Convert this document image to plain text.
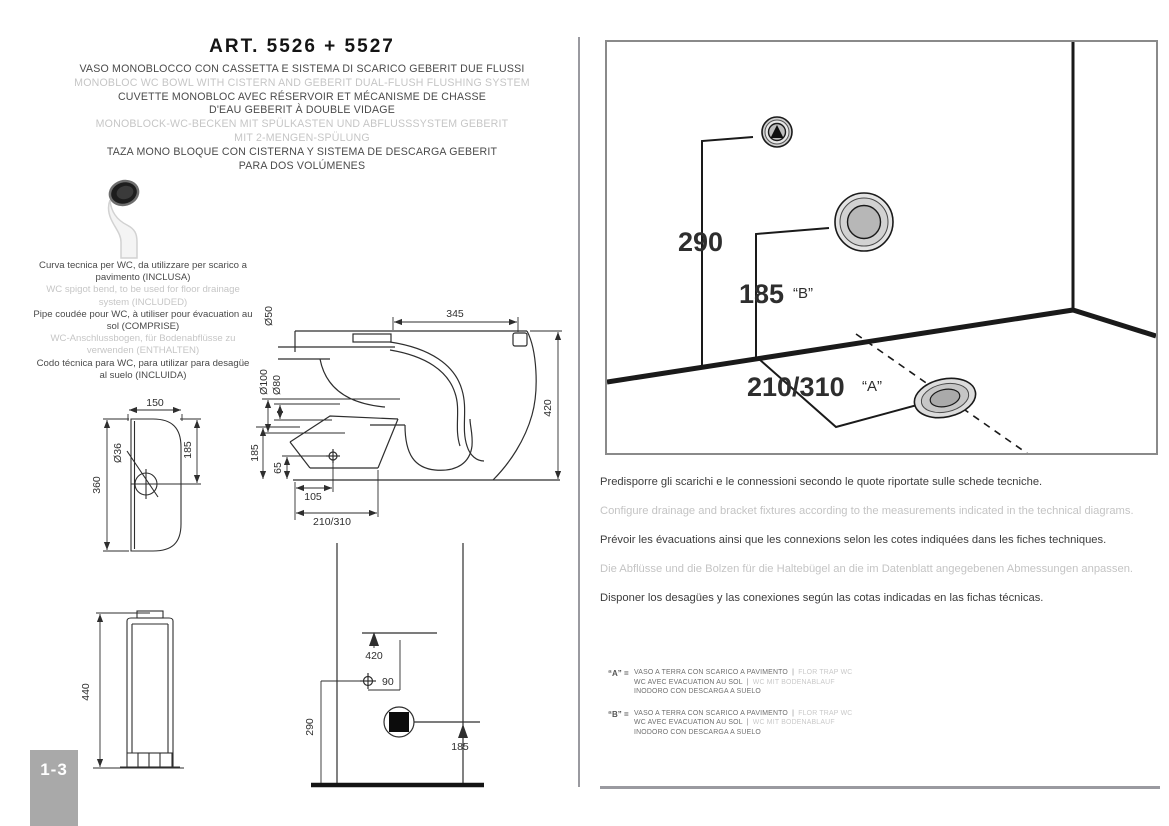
ART. 5526 + 5527
VASO MONOBLOCCO CON CASSETTA E SISTEMA DI SCARICO GEBERIT DUE FLUSSI
MONOBLOC WC BOWL WITH CISTERN AND GEBERIT DUAL-FLUSH FLUSHING SYSTEM
CUVETTE MONOBLOC AVEC RÉSERVOIR ET MÉCANISME DE CHASSE
D'EAU GEBERIT À DOUBLE VIDAGE
MONOBLOCK-WC-BECKEN MIT SPÜLKASTEN UND ABFLUSSSYSTEM GEBERIT
MIT 2-MENGEN-SPÜLUNG
TAZA MONO BLOQUE CON CISTERNA Y SISTEMA DE DESCARGA GEBERIT
PARA DOS VOLÚMENES
Curva tecnica per WC, da utilizzare per scarico a pavimento (INCLUSA)
WC spigot bend, to be used for floor drainage system (INCLUDED)
Pipe coudée pour WC, à utiliser pour évacuation au sol (COMPRISE)
WC-Anschlussbogen, für Bodenabflüsse zu verwenden (ENTHALTEN)
Codo técnica para WC, para utilizar para desagüe al suelo (INCLUIDA)
150
360
185
Ø36
Ø50	345
Ø100 Ø80
420
185
65
105
210/310
440
420
90
290
185
290
185 “B”
210/310 “A”
Predisporre gli scarichi e le connessioni secondo le quote riportate sulle schede tecniche.
Configure drainage and bracket fixtures according to the measurements indicated in the technical diagrams.
Prévoir les évacuations ainsi que les connexions selon les cotes indiquées dans les fiches techniques.
Die Abflüsse und die Bolzen für die Haltebügel an die im Datenblatt angegebenen Abmessungen anpassen.
Disponer los desagües y las conexiones según las cotas indicadas en las fichas técnicas.
“A” = VASO A TERRA CON SCARICO A PAVIMENTO | FLOR TRAP WC
WC AVEC EVACUATION AU SOL | WC MIT BODENABLAUF
INODORO CON DESCARGA A SUELO
“B” = VASO A TERRA CON SCARICO A PAVIMENTO | FLOR TRAP WC
WC AVEC EVACUATION AU SOL | WC MIT BODENABLAUF
INODORO CON DESCARGA A SUELO
1-3
